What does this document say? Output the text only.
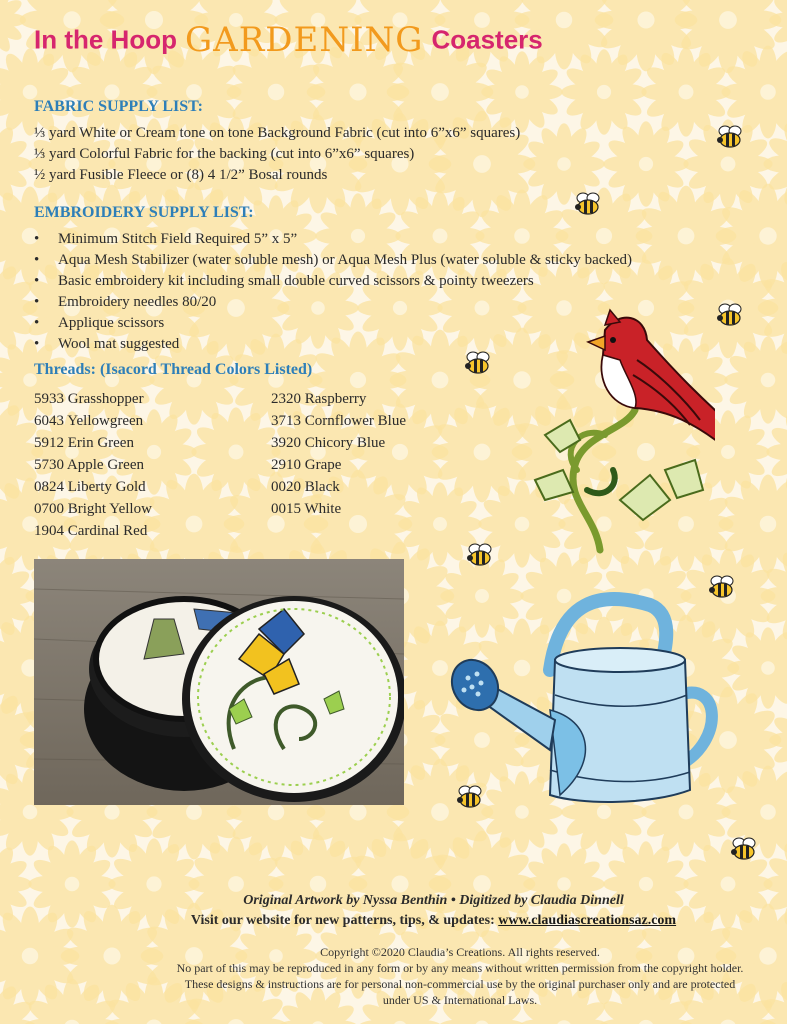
In the Hoop GARDENING Coasters
FABRIC SUPPLY LIST:
⅓ yard White or Cream tone on tone Background Fabric (cut into 6”x6” squares)
⅓ yard Colorful Fabric for the backing (cut into 6”x6” squares)
½ yard Fusible Fleece or (8) 4 1/2” Bosal rounds
EMBROIDERY SUPPLY LIST:
• Minimum Stitch Field Required 5” x 5”
• Aqua Mesh Stabilizer (water soluble mesh) or Aqua Mesh Plus (water soluble & sticky backed)
• Basic embroidery kit including small double curved scissors & pointy tweezers
• Embroidery needles 80/20
• Applique scissors
• Wool mat suggested
Threads: (Isacord Thread Colors Listed)
5933 Grasshopper
6043 Yellowgreen
5912 Erin Green
5730 Apple Green
0824 Liberty Gold
0700 Bright Yellow
1904 Cardinal Red
2320 Raspberry
3713 Cornflower Blue
3920 Chicory Blue
2910 Grape
0020 Black
0015 White
Original Artwork by Nyssa Benthin • Digitized by Claudia Dinnell
Visit our website for new patterns, tips, & updates: www.claudiascreationsaz.com
Copyright ©2020 Claudia’s Creations. All rights reserved.
No part of this may be reproduced in any form or by any means without written permission from the copyright holder. These designs & instructions are for personal non-commercial use by the original purchaser only and are protected under US & International Laws.
